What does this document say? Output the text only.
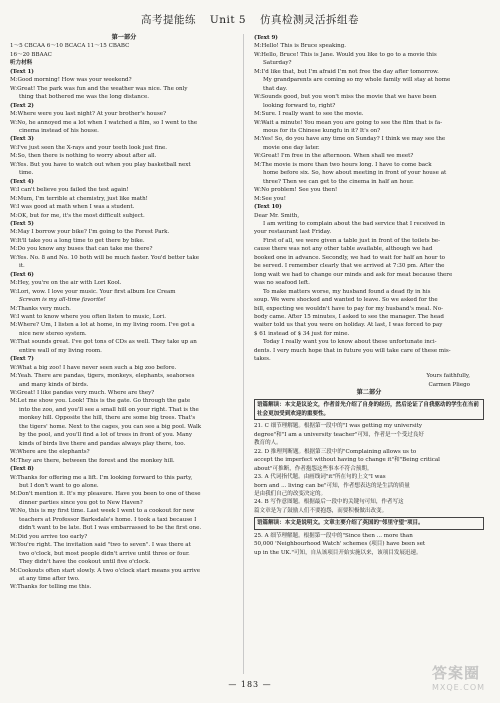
高考提能练 Unit 5 仿真检测灵活拆组卷
第一部分
1～5 CBCAA 6～10 BCACA 11～15 CBABC
16～20 BBAAC
听力材料
(Text 1)
M:Good morning! How was your weekend?
W:Great! The park was fun and the weather was nice. The only
thing that bothered me was the long distance.
(Text 2)
M:Where were you last night? At your brother's house?
W:No, he annoyed me a lot when I watched a film, so I went to the
cinema instead of his house.
(Text 3)
W:I've just seen the X-rays and your teeth look just fine.
M:So, then there is nothing to worry about after all.
W:Yes. But you have to watch out when you play basketball next
time.
(Text 4)
W:I can't believe you failed the test again!
M:Mum, I'm terrible at chemistry, just like math!
W:I was good at math when I was a student.
M:OK, but for me, it's the most difficult subject.
(Text 5)
M:May I borrow your bike? I'm going to the Forest Park.
W:It'll take you a long time to get there by bike.
M:Do you know any buses that can take me there?
W:Yes. No. 8 and No. 10 both will be much faster. You'd better take
it.
(Text 6)
M:Hey, you're on the air with Lori Kool.
W:Lori, wow. I love your music. Your first album Ice Cream
Scream is my all-time favorite!
M:Thanks very much.
W:I want to know where you often listen to music, Lori.
M:Where? Um, I listen a lot at home, in my living room. I've got a
nice new stereo system.
W:That sounds great. I've got tons of CDs as well. They take up an
entire wall of my living room.
(Text 7)
W:What a big zoo! I have never seen such a big zoo before.
M:Yeah. There are pandas, tigers, monkeys, elephants, seahorses
and many kinds of birds.
W:Great! I like pandas very much. Where are they?
M:Let me show you. Look! This is the gate. Go through the gate
into the zoo, and you'll see a small hill on your right. That is the
monkey hill. Opposite the hill, there are some big trees. That's
the tigers' home. Next to the cages, you can see a big pool. Walk
by the pool, and you'll find a lot of trees in front of you. Many
kinds of birds live there and pandas always play there, too.
W:Where are the elephants?
M:They are there, between the forest and the monkey hill.
(Text 8)
W:Thanks for offering me a lift. I'm looking forward to this party,
but I don't want to go alone.
M:Don't mention it. It's my pleasure. Have you been to one of these
dinner parties since you got to New Haven?
W:No, this is my first time. Last week I went to a cookout for new
teachers at Professor Barksdale's home. I took a taxi because I
didn't want to be late. But I was embarrassed to be the first one.
M:Did you arrive too early?
W:You're right. The invitation said "two to seven". I was there at
two o'clock, but most people didn't arrive until three or four.
They didn't have the cookout until five o'clock.
M:Cookouts often start slowly. A two o'clock start means you arrive
at any time after two.
W:Thanks for telling me this.
(Text 9)
M:Hello! This is Bruce speaking.
W:Hello, Bruce! This is Jane. Would you like to go to a movie this
Saturday?
M:I'd like that, but I'm afraid I'm not free the day after tomorrow.
My grandparents are coming so my whole family will stay at home
that day.
W:Sounds good, but you won't miss the movie that we have been
looking forward to, right?
M:Sure. I really want to see the movie.
W:Wait a minute! You mean you are going to see the film that is fa-
mous for its Chinese kungfu in it? It's on?
M:Yes! So, do you have any time on Sunday? I think we may see the
movie one day later.
W:Great! I'm free in the afternoon. When shall we meet?
M:The movie is more than two hours long. I have to come back
home before six. So, how about meeting in front of your house at
three? Then we can get to the cinema in half an hour.
W:No problem! See you then!
M:See you!
(Text 10)
Dear Mr. Smith,
I am writing to complain about the bad service that I received in
your restaurant last Friday.
First of all, we were given a table just in front of the toilets be-
cause there was not any other table available, although we had
booked one in advance. Secondly, we had to wait for half an hour to
be served. I remember clearly that we arrived at 7:30 pm. After the
long wait we had to change our minds and ask for meat because there
was no seafood left.
To make matters worse, my husband found a dead fly in his
soup. We were shocked and wanted to leave. So we asked for the
bill, expecting we wouldn't have to pay for my husband's meal. No-
body came. After 15 minutes, I asked to see the manager. The head
waiter told us that you were on holiday. At last, I was forced to pay
$ 61 instead of $ 34 just for mine.
Today I really want you to know about these unfortunate inci-
dents. I very much hope that in future you will take care of these mis-
takes.

Yours faithfully,
Carmen Pliego
第二部分
语篇解读：本文是议论文，作者首先介绍了自身的经历，然后论证了自我驱动的学生在当前社会更加受到欢迎的重要性。
21. C 细节理解题。根据第一段中的"I was getting my university
degree"和"I am a university teacher"可知，作者是一个受过良好
教育的人。
22. D 推理判断题。根据第三段中的"Complaining allows us to
accept the imperfect without having to change it"和"Being critical
about"可推断，作者抱怨这些事本不符合预期。
23. A 代词指代题。由画线词"it"所在句的上文"I was
born and ... living can be"可知，作者想表达的是生活的质量
是由我们自己的改变决定的。
24. B 写作意图题。根据最后一段中的关键句可知，作者写这
篇文章是为了鼓励人们不要抱怨，而要积极做出改变。
语篇解读：本文是说明文。文章主要介绍了英国的"邻里守望"项目。
25. A 细节理解题。根据第一段中的"Since then ... more than
50,000 'Neighbourhood Watch' schemes (项目) have been set
up in the UK."可知，自从该项目开始实施以来，该项目发展迅速。
— 183 —
答案圈
MXQE.COM
